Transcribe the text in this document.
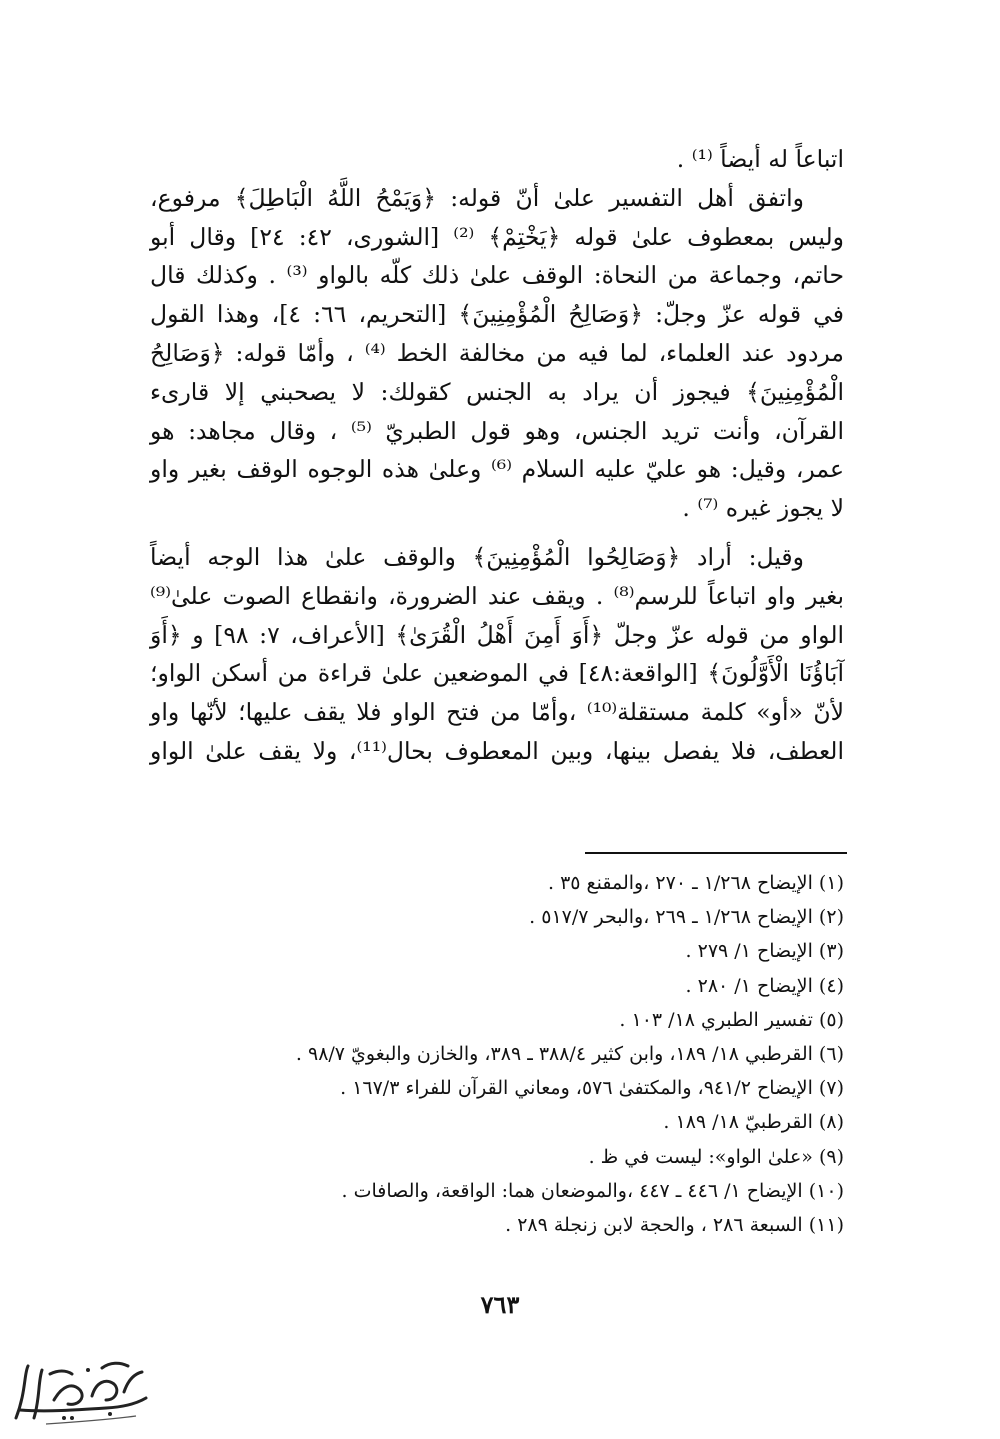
اتباعاً له أيضاً ⁽¹⁾ .
واتفق أهل التفسير علىٰ أنّ قوله: ﴿وَيَمْحُ اللَّهُ الْبَاطِلَ﴾ مرفوع،
وليس بمعطوف علىٰ قوله ﴿يَخْتِمْ﴾ ⁽²⁾ [الشورى، ٤٢: ٢٤] وقال أبو
حاتم، وجماعة من النحاة: الوقف علىٰ ذلك كلّه بالواو ⁽³⁾ . وكذلك قال
في قوله عزّ وجلّ: ﴿وَصَالِحُ الْمُؤْمِنِينَ﴾ [التحريم، ٦٦: ٤]، وهذا القول
مردود عند العلماء، لما فيه من مخالفة الخط ⁽⁴⁾ ، وأمّا قوله: ﴿وَصَالِحُ
الْمُؤْمِنِينَ﴾ فيجوز أن يراد به الجنس كقولك: لا يصحبني إلا قارىء
القرآن، وأنت تريد الجنس، وهو قول الطبريّ ⁽⁵⁾ ، وقال مجاهد: هو
عمر، وقيل: هو عليّ عليه السلام ⁽⁶⁾ وعلىٰ هذه الوجوه الوقف بغير واو
لا يجوز غيره ⁽⁷⁾ .
وقيل: أراد ﴿وَصَالِحُوا الْمُؤْمِنِينَ﴾ والوقف علىٰ هذا الوجه أيضاً
بغير واو اتباعاً للرسم⁽⁸⁾ . ويقف عند الضرورة، وانقطاع الصوت علىٰ⁽⁹⁾
الواو من قوله عزّ وجلّ ﴿أَوَ أَمِنَ أَهْلُ الْقُرَىٰ﴾ [الأعراف، ٧: ٩٨] و ﴿أَوَ
آبَاؤُنَا الْأَوَّلُونَ﴾ [الواقعة:٤٨] في الموضعين علىٰ قراءة من أسكن الواو؛
لأنّ «أو» كلمة مستقلة⁽¹⁰⁾ ،وأمّا من فتح الواو فلا يقف عليها؛ لأنّها واو
العطف، فلا يفصل بينها، وبين المعطوف بحال⁽¹¹⁾، ولا يقف علىٰ الواو
(١) الإيضاح ١/٢٦٨ ـ ٢٧٠ ،والمقنع ٣٥ .
(٢) الإيضاح ١/٢٦٨ ـ ٢٦٩ ،والبحر ٥١٧/٧ .
(٣) الإيضاح ١/ ٢٧٩ .
(٤) الإيضاح ١/ ٢٨٠ .
(٥) تفسير الطبري ١٨/ ١٠٣ .
(٦) القرطبي ١٨/ ١٨٩، وابن كثير ٣٨٨/٤ ـ ٣٨٩، والخازن والبغويّ ٩٨/٧ .
(٧) الإيضاح ٩٤١/٢، والمكتفىٰ ٥٧٦، ومعاني القرآن للفراء ١٦٧/٣ .
(٨) القرطبيّ ١٨/ ١٨٩ .
(٩) «علىٰ الواو»: ليست في ظ .
(١٠) الإيضاح ١/ ٤٤٦ ـ ٤٤٧ ،والموضعان هما: الواقعة، والصافات .
(١١) السبعة ٢٨٦ ، والحجة لابن زنجلة ٢٨٩ .
٧٦٣
